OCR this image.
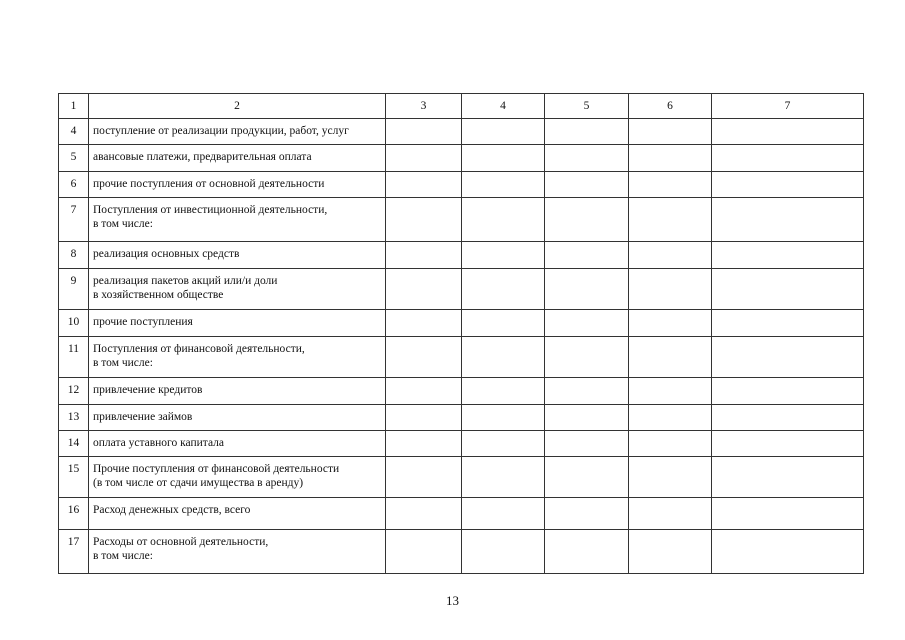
1	2	3	4	5	6	7
4	поступление от реализации продукции, работ, услуг					
5	авансовые платежи, предварительная оплата					
6	прочие поступления от основной деятельности					
7	Поступления от инвестиционной деятельности,
в том числе:					
8	реализация основных средств					
9	реализация пакетов акций или/и доли
в хозяйственном обществе					
10	прочие поступления					
11	Поступления от финансовой деятельности,
в том числе:					
12	привлечение кредитов					
13	привлечение займов					
14	оплата уставного капитала					
15	Прочие поступления от финансовой деятельности
(в том числе от сдачи имущества в аренду)					
16	Расход денежных средств, всего					
17	Расходы от основной деятельности,
в том числе:					
13
